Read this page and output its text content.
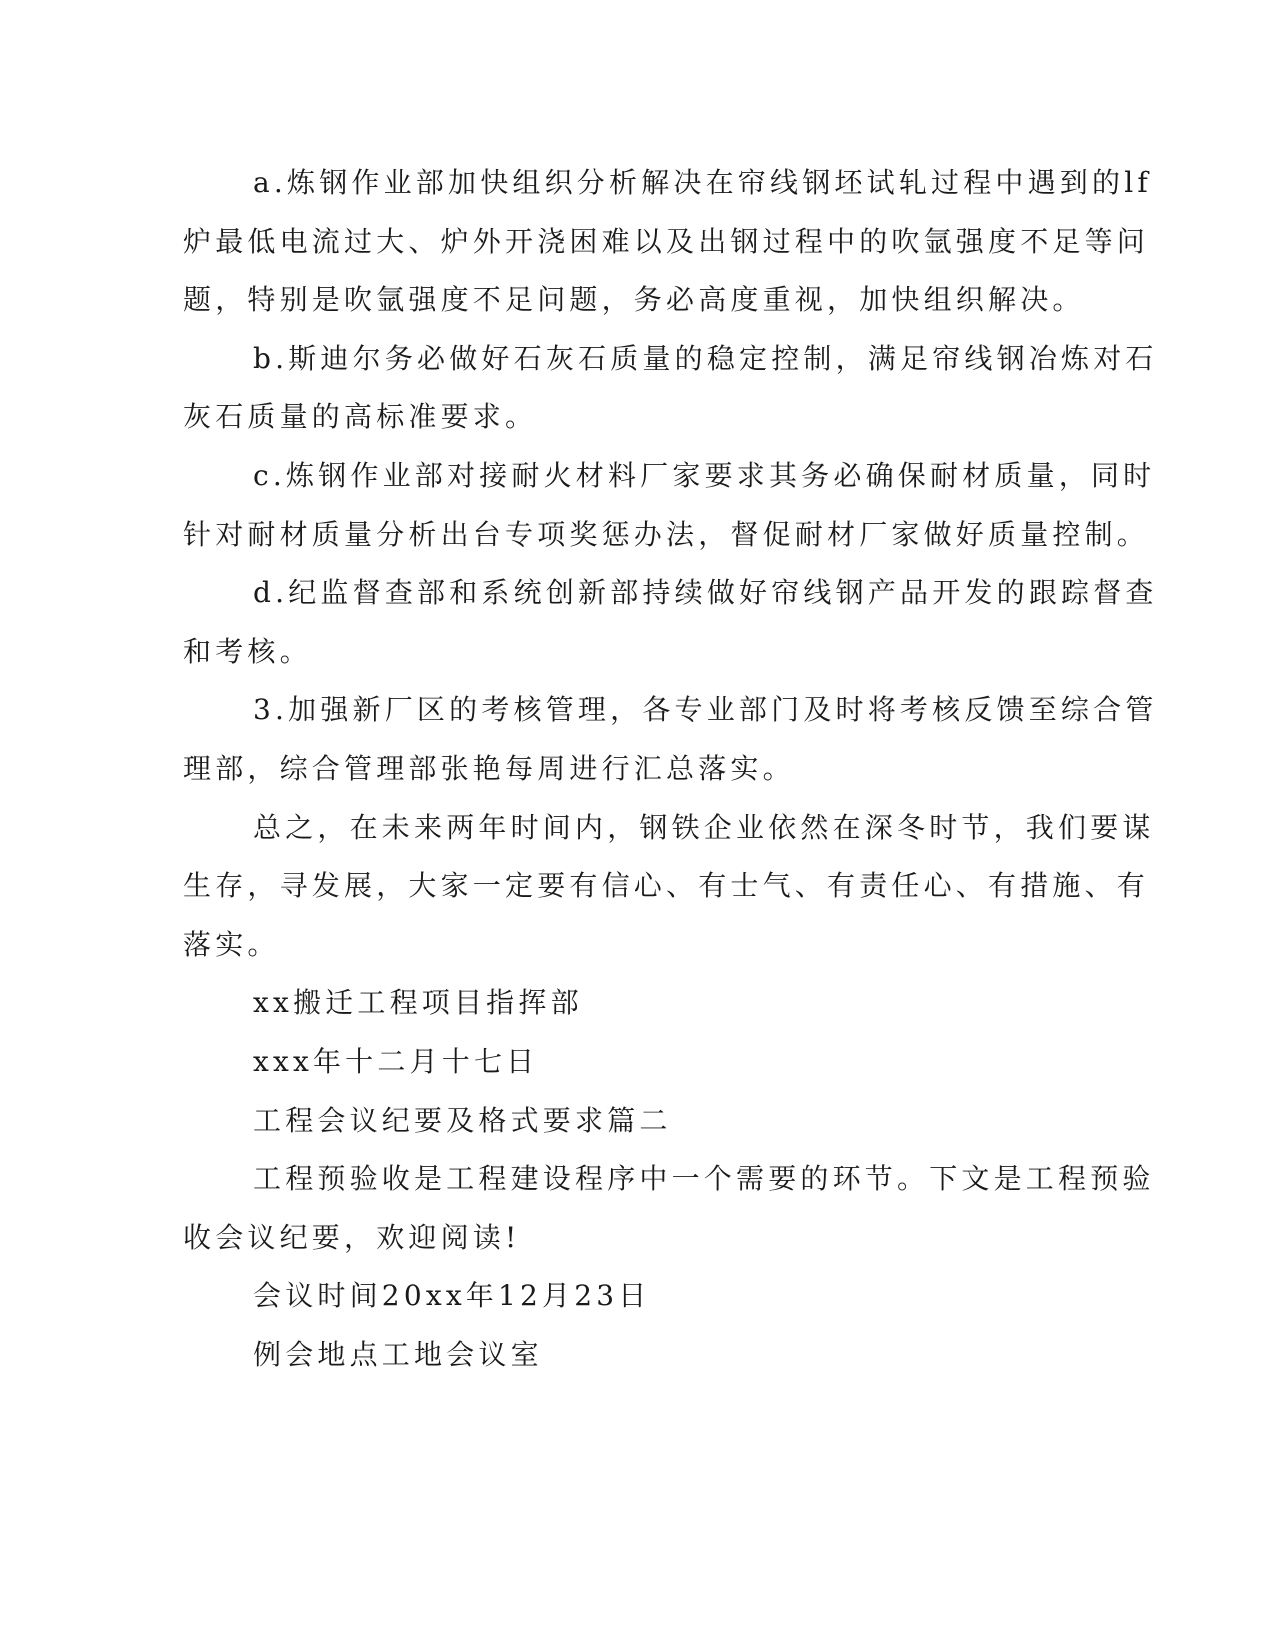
a.炼钢作业部加快组织分析解决在帘线钢坯试轧过程中遇到的lf
炉最低电流过大、炉外开浇困难以及出钢过程中的吹氩强度不足等问
题，特别是吹氩强度不足问题，务必高度重视，加快组织解决。
b.斯迪尔务必做好石灰石质量的稳定控制，满足帘线钢冶炼对石
灰石质量的高标准要求。
c.炼钢作业部对接耐火材料厂家要求其务必确保耐材质量，同时
针对耐材质量分析出台专项奖惩办法，督促耐材厂家做好质量控制。
d.纪监督查部和系统创新部持续做好帘线钢产品开发的跟踪督查
和考核。
3.加强新厂区的考核管理，各专业部门及时将考核反馈至综合管
理部，综合管理部张艳每周进行汇总落实。
总之，在未来两年时间内，钢铁企业依然在深冬时节，我们要谋
生存，寻发展，大家一定要有信心、有士气、有责任心、有措施、有
落实。
xx搬迁工程项目指挥部
xxx年十二月十七日
工程会议纪要及格式要求篇二
工程预验收是工程建设程序中一个需要的环节。下文是工程预验
收会议纪要，欢迎阅读!
会议时间20xx年12月23日
例会地点工地会议室
